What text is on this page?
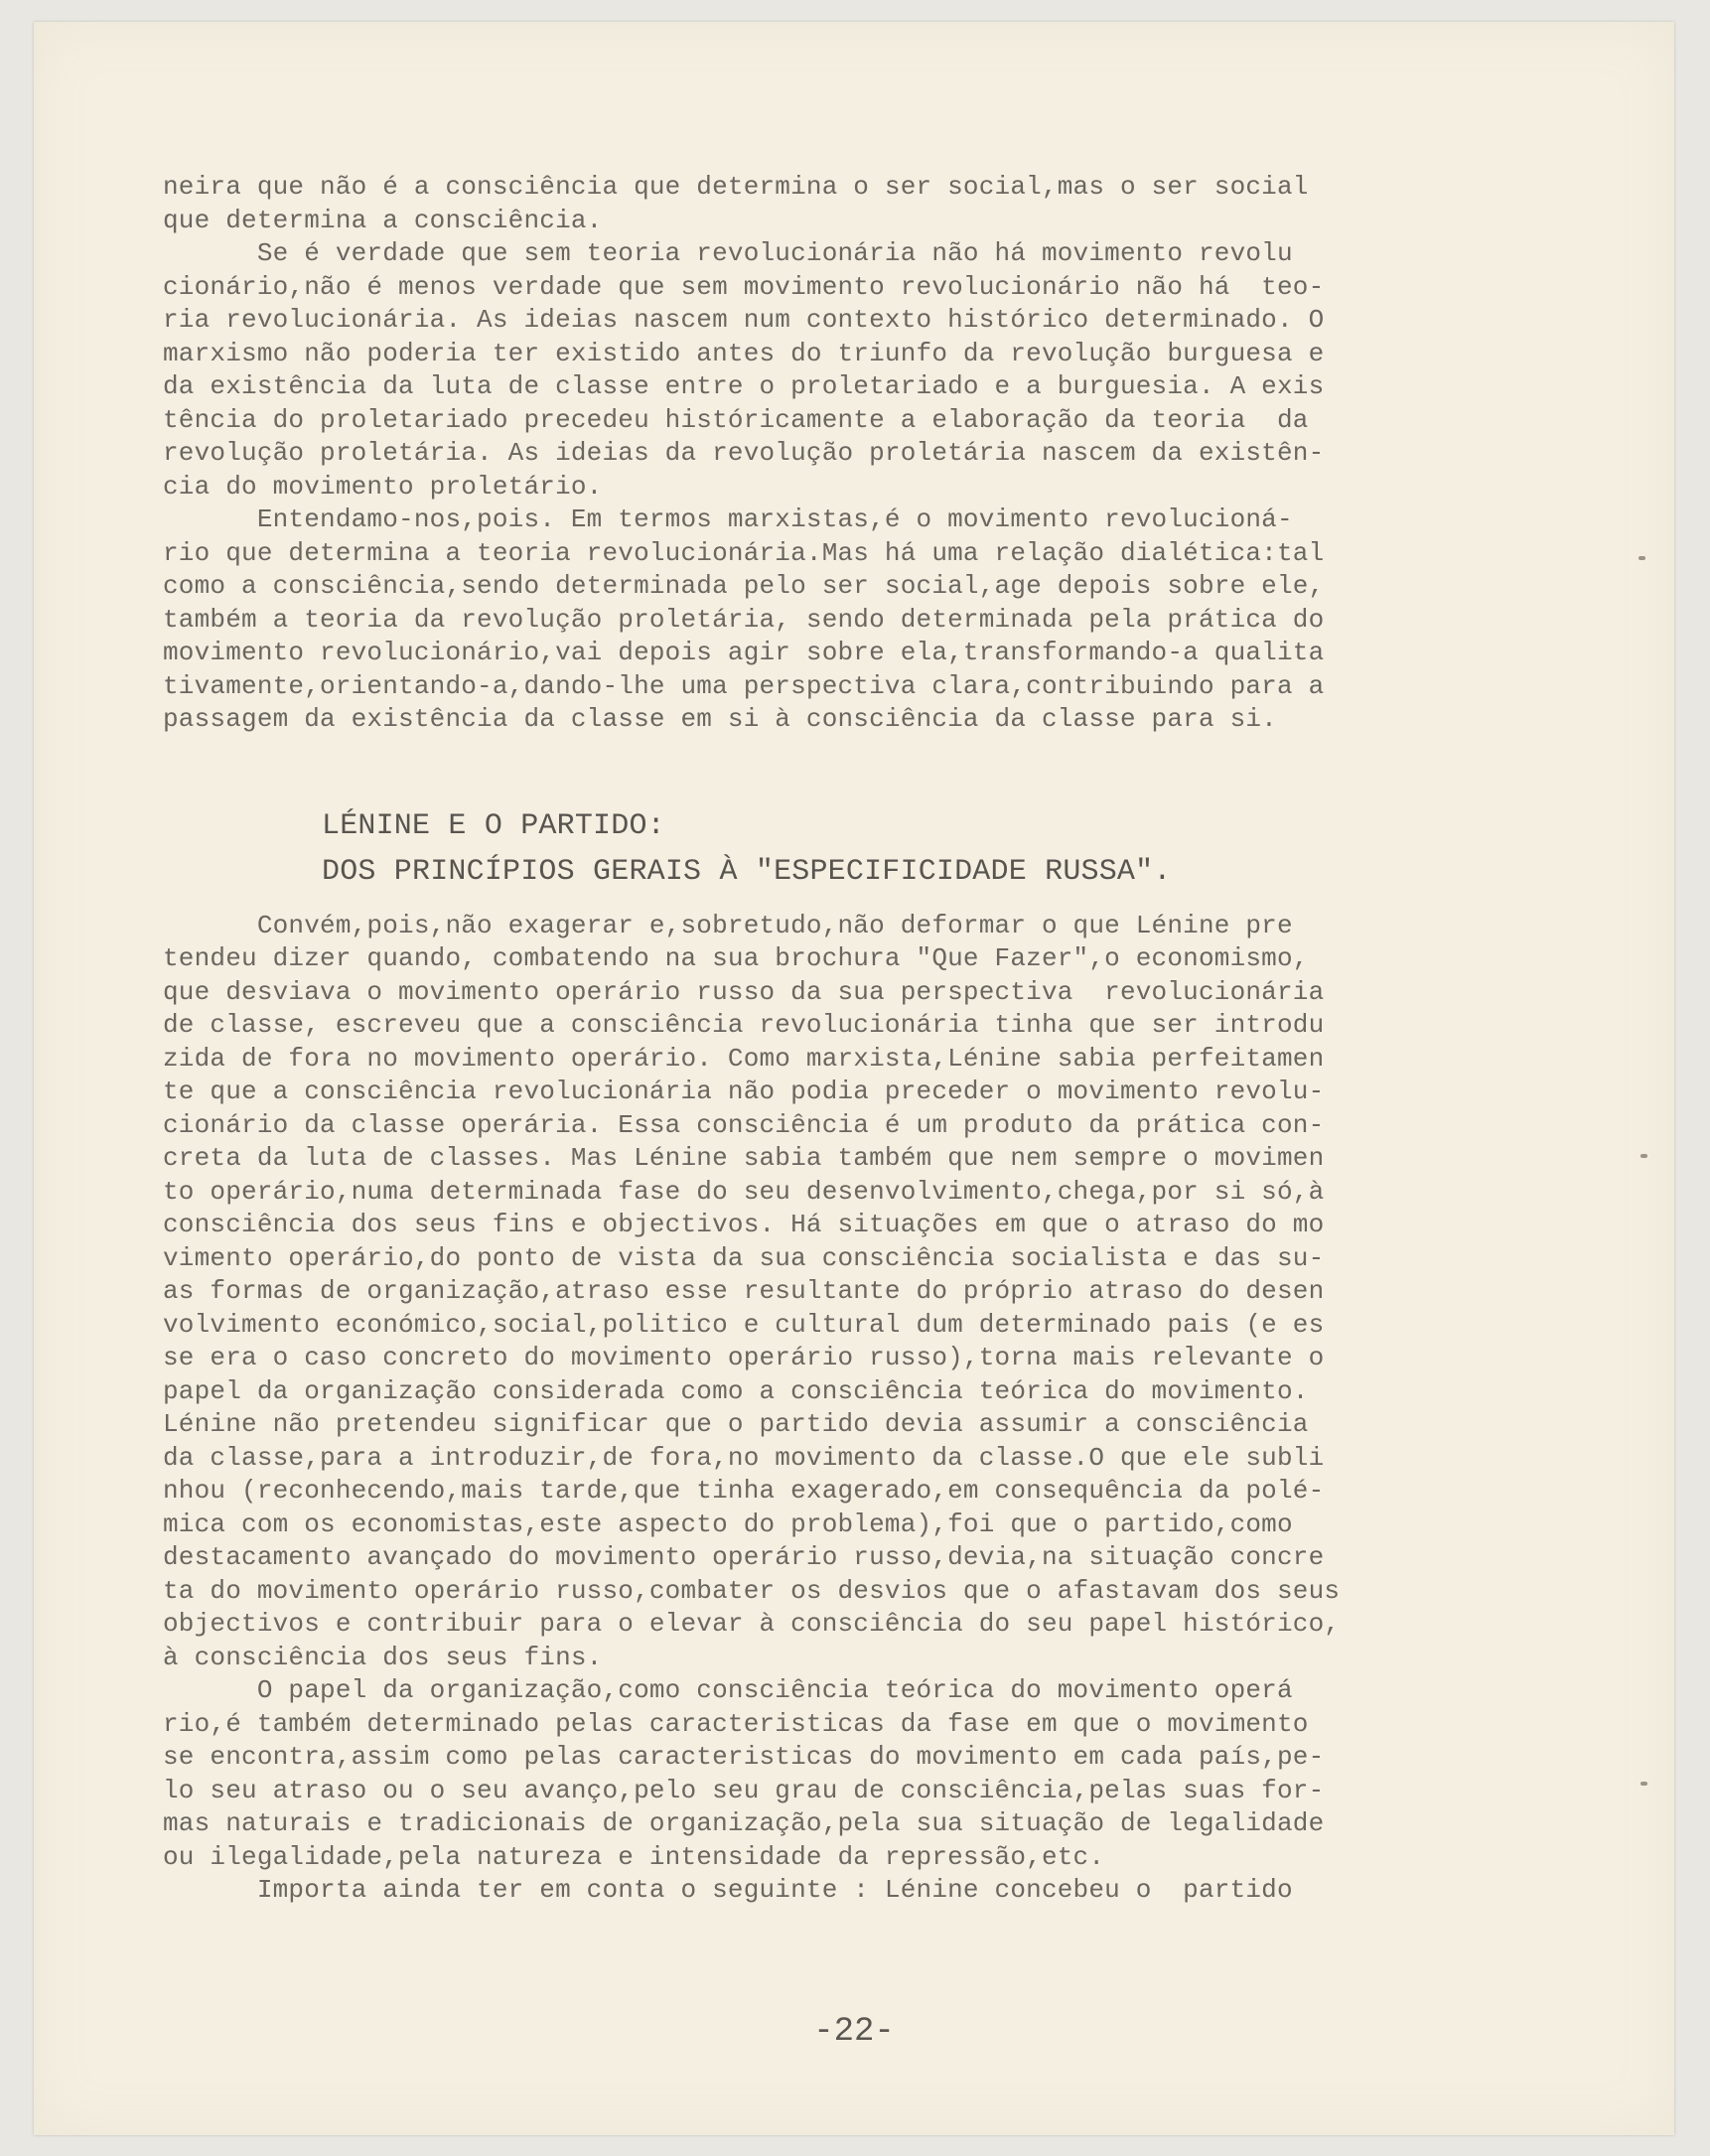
neira que não é a consciência que determina o ser social,mas o ser social
que determina a consciência.
Se é verdade que sem teoria revolucionária não há movimento revolu
cionário,não é menos verdade que sem movimento revolucionário não há  teo-
ria revolucionária. As ideias nascem num contexto histórico determinado. O
marxismo não poderia ter existido antes do triunfo da revolução burguesa e
da existência da luta de classe entre o proletariado e a burguesia. A exis
tência do proletariado precedeu históricamente a elaboração da teoria  da
revolução proletária. As ideias da revolução proletária nascem da existên-
cia do movimento proletário.
Entendamo-nos,pois. Em termos marxistas,é o movimento revolucioná-
rio que determina a teoria revolucionária.Mas há uma relação dialética:tal
como a consciência,sendo determinada pelo ser social,age depois sobre ele,
também a teoria da revolução proletária, sendo determinada pela prática do
movimento revolucionário,vai depois agir sobre ela,transformando-a qualita
tivamente,orientando-a,dando-lhe uma perspectiva clara,contribuindo para a
passagem da existência da classe em si à consciência da classe para si.
LÉNINE E O PARTIDO:
DOS PRINCÍPIOS GERAIS À "ESPECIFICIDADE RUSSA".
Convém,pois,não exagerar e,sobretudo,não deformar o que Lénine pre
tendeu dizer quando, combatendo na sua brochura "Que Fazer",o economismo,
que desviava o movimento operário russo da sua perspectiva  revolucionária
de classe, escreveu que a consciência revolucionária tinha que ser introdu
zida de fora no movimento operário. Como marxista,Lénine sabia perfeitamen
te que a consciência revolucionária não podia preceder o movimento revolu-
cionário da classe operária. Essa consciência é um produto da prática con-
creta da luta de classes. Mas Lénine sabia também que nem sempre o movimen
to operário,numa determinada fase do seu desenvolvimento,chega,por si só,à
consciência dos seus fins e objectivos. Há situações em que o atraso do mo
vimento operário,do ponto de vista da sua consciência socialista e das su-
as formas de organização,atraso esse resultante do próprio atraso do desen
volvimento económico,social,politico e cultural dum determinado pais (e es
se era o caso concreto do movimento operário russo),torna mais relevante o
papel da organização considerada como a consciência teórica do movimento.
Lénine não pretendeu significar que o partido devia assumir a consciência
da classe,para a introduzir,de fora,no movimento da classe.O que ele subli
nhou (reconhecendo,mais tarde,que tinha exagerado,em consequência da polé-
mica com os economistas,este aspecto do problema),foi que o partido,como
destacamento avançado do movimento operário russo,devia,na situação concre
ta do movimento operário russo,combater os desvios que o afastavam dos seus
objectivos e contribuir para o elevar à consciência do seu papel histórico,
à consciência dos seus fins.
O papel da organização,como consciência teórica do movimento operá
rio,é também determinado pelas caracteristicas da fase em que o movimento
se encontra,assim como pelas caracteristicas do movimento em cada país,pe-
lo seu atraso ou o seu avanço,pelo seu grau de consciência,pelas suas for-
mas naturais e tradicionais de organização,pela sua situação de legalidade
ou ilegalidade,pela natureza e intensidade da repressão,etc.
Importa ainda ter em conta o seguinte : Lénine concebeu o  partido
-22-
